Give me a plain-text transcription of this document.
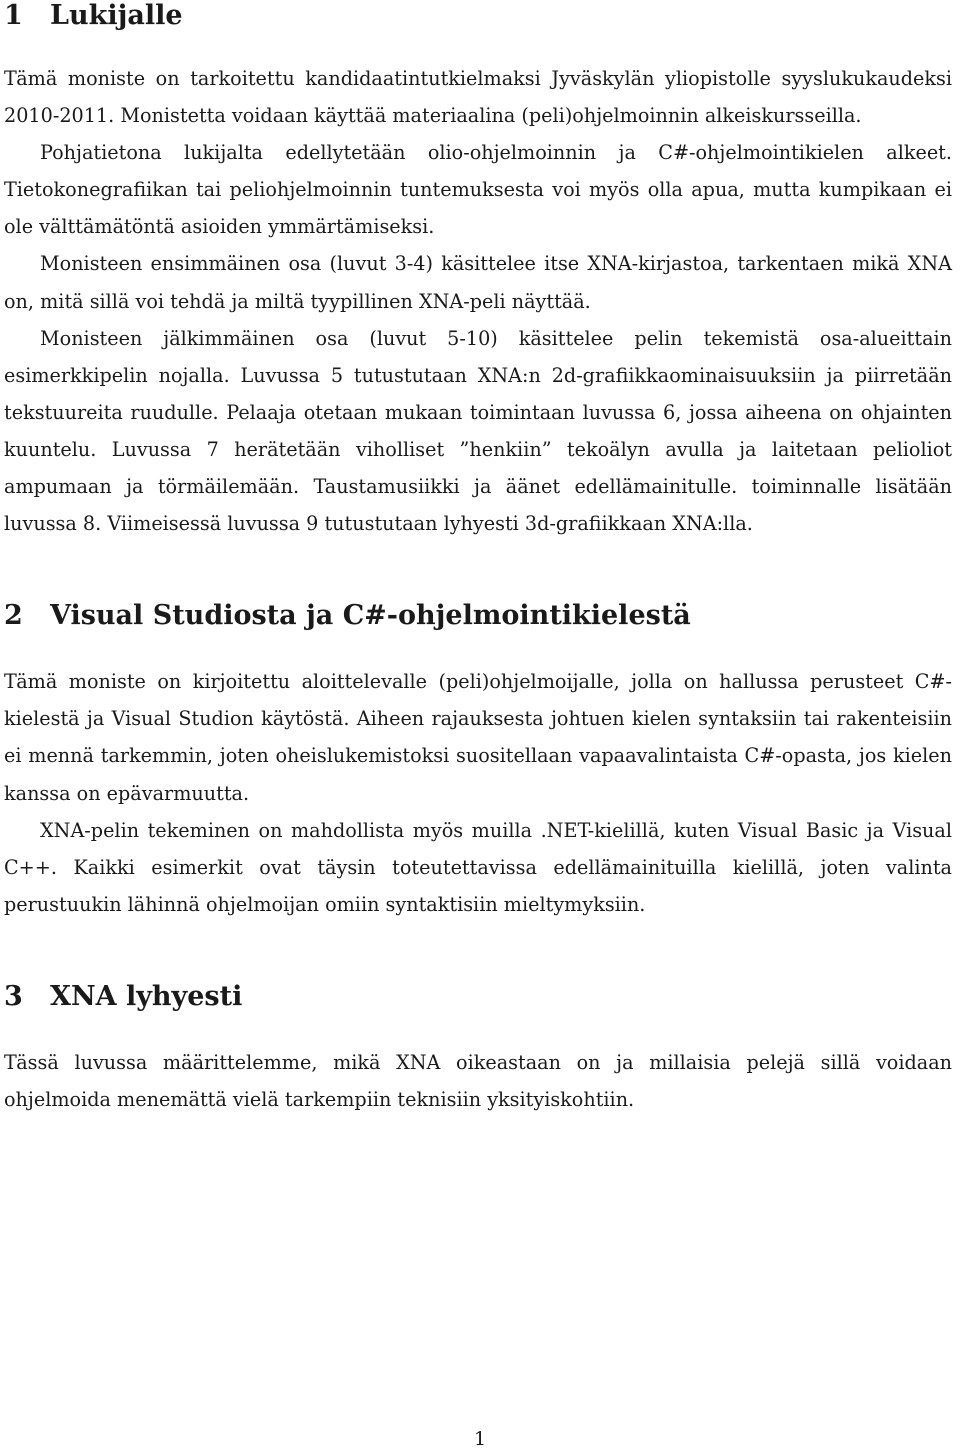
1 Lukijalle

Tämä moniste on tarkoitettu kandidaatintutkielmaksi Jyväskylän yliopistolle syyslukukaudeksi 2010-2011. Monistetta voidaan käyttää materiaalina (peli)ohjelmoinnin alkeiskursseilla.

Pohjatietona lukijalta edellytetään olio-ohjelmoinnin ja C#-ohjelmointikielen alkeet. Tietokonegrafiikan tai peliohjelmoinnin tuntemuksesta voi myös olla apua, mutta kumpikaan ei ole välttämätöntä asioiden ymmärtämiseksi.

Monisteen ensimmäinen osa (luvut 3-4) käsittelee itse XNA-kirjastoa, tarkentaen mikä XNA on, mitä sillä voi tehdä ja miltä tyypillinen XNA-peli näyttää.

Monisteen jälkimmäinen osa (luvut 5-10) käsittelee pelin tekemistä osa-alueittain esimerkkipelin nojalla. Luvussa 5 tutustutaan XNA:n 2d-grafiikkaominaisuuksiin ja piirretään tekstuureita ruudulle. Pelaaja otetaan mukaan toimintaan luvussa 6, jossa aiheena on ohjainten kuuntelu. Luvussa 7 herätetään viholliset ”henkiin” tekoälyn avulla ja laitetaan pelioliot ampumaan ja törmäilemään. Taustamusiikki ja äänet edellämainitulle. toiminnalle lisätään luvussa 8. Viimeisessä luvussa 9 tutustutaan lyhyesti 3d-grafiikkaan XNA:lla.

2 Visual Studiosta ja C#-ohjelmointikielestä

Tämä moniste on kirjoitettu aloittelevalle (peli)ohjelmoijalle, jolla on hallussa perusteet C#-kielestä ja Visual Studion käytöstä. Aiheen rajauksesta johtuen kielen syntaksiin tai rakenteisiin ei mennä tarkemmin, joten oheislukemistoksi suositellaan vapaavalintaista C#-opasta, jos kielen kanssa on epävarmuutta.

XNA-pelin tekeminen on mahdollista myös muilla .NET-kielillä, kuten Visual Basic ja Visual C++. Kaikki esimerkit ovat täysin toteutettavissa edellämainituilla kielillä, joten valinta perustuukin lähinnä ohjelmoijan omiin syntaktisiin mieltymyksiin.

3 XNA lyhyesti

Tässä luvussa määrittelemme, mikä XNA oikeastaan on ja millaisia pelejä sillä voidaan ohjelmoida menemättä vielä tarkempiin teknisiin yksityiskohtiin.

1
